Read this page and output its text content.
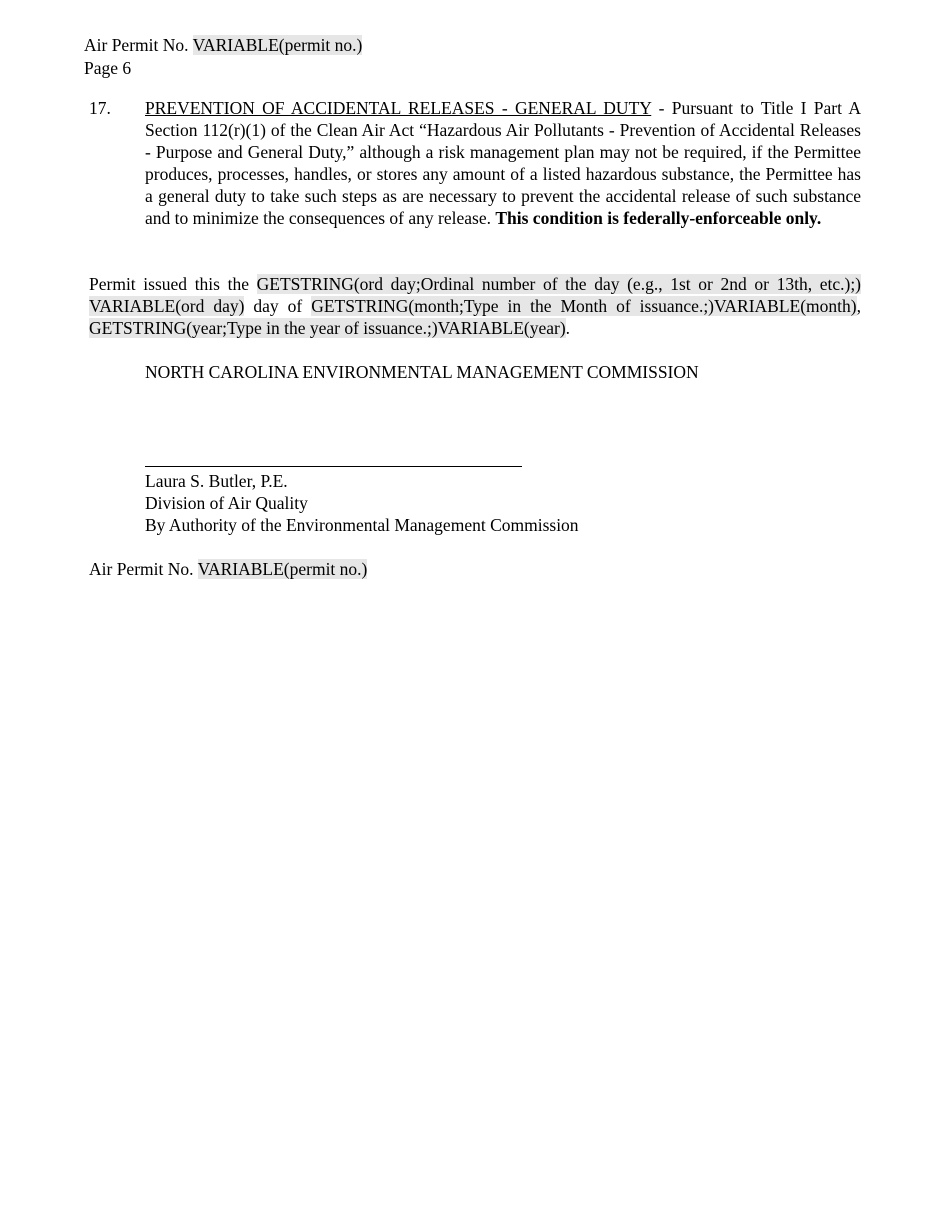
Air Permit No. VARIABLE(permit no.)
Page 6
17. PREVENTION OF ACCIDENTAL RELEASES - GENERAL DUTY - Pursuant to Title I Part A Section 112(r)(1) of the Clean Air Act “Hazardous Air Pollutants - Prevention of Accidental Releases - Purpose and General Duty,” although a risk management plan may not be required, if the Permittee produces, processes, handles, or stores any amount of a listed hazardous substance, the Permittee has a general duty to take such steps as are necessary to prevent the accidental release of such substance and to minimize the consequences of any release. This condition is federally-enforceable only.
Permit issued this the GETSTRING(ord day;Ordinal number of the day (e.g., 1st or 2nd or 13th, etc.);)
VARIABLE(ord day) day of GETSTRING(month;Type in the Month of issuance.;)VARIABLE(month),
GETSTRING(year;Type in the year of issuance.;)VARIABLE(year).
NORTH CAROLINA ENVIRONMENTAL MANAGEMENT COMMISSION
Laura S. Butler, P.E.
Division of Air Quality
By Authority of the Environmental Management Commission
Air Permit No. VARIABLE(permit no.)
